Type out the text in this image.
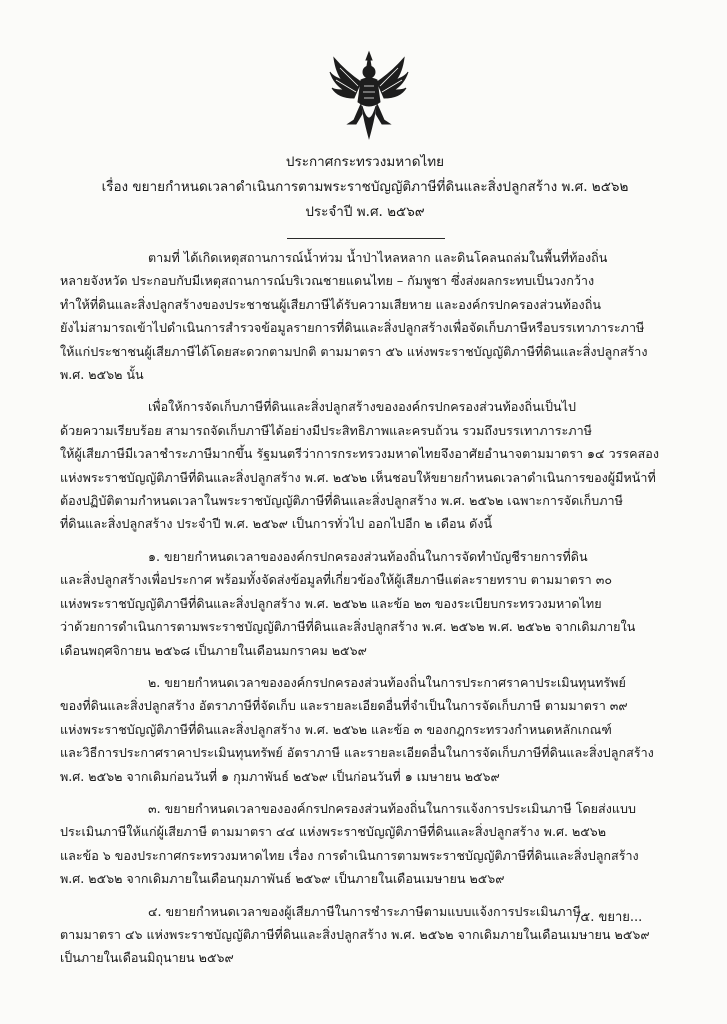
ประกาศกระทรวงมหาดไทย
เรื่อง ขยายกำหนดเวลาดำเนินการตามพระราชบัญญัติภาษีที่ดินและสิ่งปลูกสร้าง พ.ศ. ๒๕๖๒
ประจำปี พ.ศ. ๒๕๖๙
ตามที่ ได้เกิดเหตุสถานการณ์น้ำท่วม น้ำป่าไหลหลาก และดินโคลนถล่มในพื้นที่ท้องถิ่น
หลายจังหวัด ประกอบกับมีเหตุสถานการณ์บริเวณชายแดนไทย – กัมพูชา ซึ่งส่งผลกระทบเป็นวงกว้าง
ทำให้ที่ดินและสิ่งปลูกสร้างของประชาชนผู้เสียภาษีได้รับความเสียหาย และองค์กรปกครองส่วนท้องถิ่น
ยังไม่สามารถเข้าไปดำเนินการสำรวจข้อมูลรายการที่ดินและสิ่งปลูกสร้างเพื่อจัดเก็บภาษีหรือบรรเทาภาระภาษี
ให้แก่ประชาชนผู้เสียภาษีได้โดยสะดวกตามปกติ ตามมาตรา ๕๖ แห่งพระราชบัญญัติภาษีที่ดินและสิ่งปลูกสร้าง
พ.ศ. ๒๕๖๒ นั้น
เพื่อให้การจัดเก็บภาษีที่ดินและสิ่งปลูกสร้างขององค์กรปกครองส่วนท้องถิ่นเป็นไป
ด้วยความเรียบร้อย สามารถจัดเก็บภาษีได้อย่างมีประสิทธิภาพและครบถ้วน รวมถึงบรรเทาภาระภาษี
ให้ผู้เสียภาษีมีเวลาชำระภาษีมากขึ้น รัฐมนตรีว่าการกระทรวงมหาดไทยจึงอาศัยอำนาจตามมาตรา ๑๔ วรรคสอง
แห่งพระราชบัญญัติภาษีที่ดินและสิ่งปลูกสร้าง พ.ศ. ๒๕๖๒ เห็นชอบให้ขยายกำหนดเวลาดำเนินการของผู้มีหน้าที่
ต้องปฏิบัติตามกำหนดเวลาในพระราชบัญญัติภาษีที่ดินและสิ่งปลูกสร้าง พ.ศ. ๒๕๖๒ เฉพาะการจัดเก็บภาษี
ที่ดินและสิ่งปลูกสร้าง ประจำปี พ.ศ. ๒๕๖๙ เป็นการทั่วไป ออกไปอีก ๒ เดือน ดังนี้
๑. ขยายกำหนดเวลาขององค์กรปกครองส่วนท้องถิ่นในการจัดทำบัญชีรายการที่ดิน
และสิ่งปลูกสร้างเพื่อประกาศ พร้อมทั้งจัดส่งข้อมูลที่เกี่ยวข้องให้ผู้เสียภาษีแต่ละรายทราบ ตามมาตรา ๓๐
แห่งพระราชบัญญัติภาษีที่ดินและสิ่งปลูกสร้าง พ.ศ. ๒๕๖๒ และข้อ ๒๓ ของระเบียบกระทรวงมหาดไทย
ว่าด้วยการดำเนินการตามพระราชบัญญัติภาษีที่ดินและสิ่งปลูกสร้าง พ.ศ. ๒๕๖๒ พ.ศ. ๒๕๖๒ จากเดิมภายใน
เดือนพฤศจิกายน ๒๕๖๘ เป็นภายในเดือนมกราคม ๒๕๖๙
๒. ขยายกำหนดเวลาขององค์กรปกครองส่วนท้องถิ่นในการประกาศราคาประเมินทุนทรัพย์
ของที่ดินและสิ่งปลูกสร้าง อัตราภาษีที่จัดเก็บ และรายละเอียดอื่นที่จำเป็นในการจัดเก็บภาษี ตามมาตรา ๓๙
แห่งพระราชบัญญัติภาษีที่ดินและสิ่งปลูกสร้าง พ.ศ. ๒๕๖๒ และข้อ ๓ ของกฎกระทรวงกำหนดหลักเกณฑ์
และวิธีการประกาศราคาประเมินทุนทรัพย์ อัตราภาษี และรายละเอียดอื่นในการจัดเก็บภาษีที่ดินและสิ่งปลูกสร้าง
พ.ศ. ๒๕๖๒ จากเดิมก่อนวันที่ ๑ กุมภาพันธ์ ๒๕๖๙ เป็นก่อนวันที่ ๑ เมษายน ๒๕๖๙
๓. ขยายกำหนดเวลาขององค์กรปกครองส่วนท้องถิ่นในการแจ้งการประเมินภาษี โดยส่งแบบ
ประเมินภาษีให้แก่ผู้เสียภาษี ตามมาตรา ๔๔ แห่งพระราชบัญญัติภาษีที่ดินและสิ่งปลูกสร้าง พ.ศ. ๒๕๖๒
และข้อ ๖ ของประกาศกระทรวงมหาดไทย เรื่อง การดำเนินการตามพระราชบัญญัติภาษีที่ดินและสิ่งปลูกสร้าง
พ.ศ. ๒๕๖๒ จากเดิมภายในเดือนกุมภาพันธ์ ๒๕๖๙ เป็นภายในเดือนเมษายน ๒๕๖๙
๔. ขยายกำหนดเวลาของผู้เสียภาษีในการชำระภาษีตามแบบแจ้งการประเมินภาษี
ตามมาตรา ๔๖ แห่งพระราชบัญญัติภาษีที่ดินและสิ่งปลูกสร้าง พ.ศ. ๒๕๖๒ จากเดิมภายในเดือนเมษายน ๒๕๖๙
เป็นภายในเดือนมิถุนายน ๒๕๖๙
/๕. ขยาย...
